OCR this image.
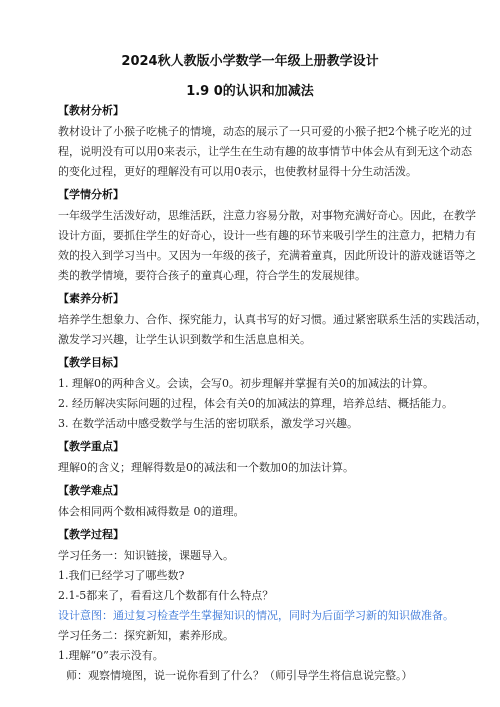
2024秋人教版小学数学一年级上册教学设计
1.9 0的认识和加减法
【教材分析】
教材设计了小猴子吃桃子的情境，动态的展示了一只可爱的小猴子把2个桃子吃光的过
程，说明没有可以用0来表示，让学生在生动有趣的故事情节中体会从有到无这个动态
的变化过程，更好的理解没有可以用0表示，也使教材显得十分生动活泼。
【学情分析】
一年级学生活泼好动，思维活跃，注意力容易分散，对事物充满好奇心。因此，在教学
设计方面，要抓住学生的好奇心，设计一些有趣的环节来吸引学生的注意力，把精力有
效的投入到学习当中。又因为一年级的孩子，充满着童真，因此所设计的游戏谜语等之
类的教学情境，要符合孩子的童真心理，符合学生的发展规律。
【素养分析】
培养学生想象力、合作、探究能力，认真书写的好习惯。通过紧密联系生活的实践活动，
激发学习兴趣，让学生认识到数学和生活息息相关。
【教学目标】
1. 理解0的两种含义。会读，会写0。初步理解并掌握有关0的加减法的计算。
2. 经历解决实际问题的过程，体会有关0的加减法的算理，培养总结、概括能力。
3. 在数学活动中感受数学与生活的密切联系，激发学习兴趣。
【教学重点】
理解0的含义；理解得数是0的减法和一个数加0的加法计算。
【教学难点】
体会相同两个数相减得数是 0的道理。
【教学过程】
学习任务一：知识链接，课题导入。
1.我们已经学习了哪些数?
2.1-5都来了，看看这几个数都有什么特点？
设计意图：通过复习检查学生掌握知识的情况，同时为后面学习新的知识做准备。
学习任务二：探究新知，素养形成。
1.理解“0”表示没有。
师：观察情境图，说一说你看到了什么？（师引导学生将信息说完整。）
